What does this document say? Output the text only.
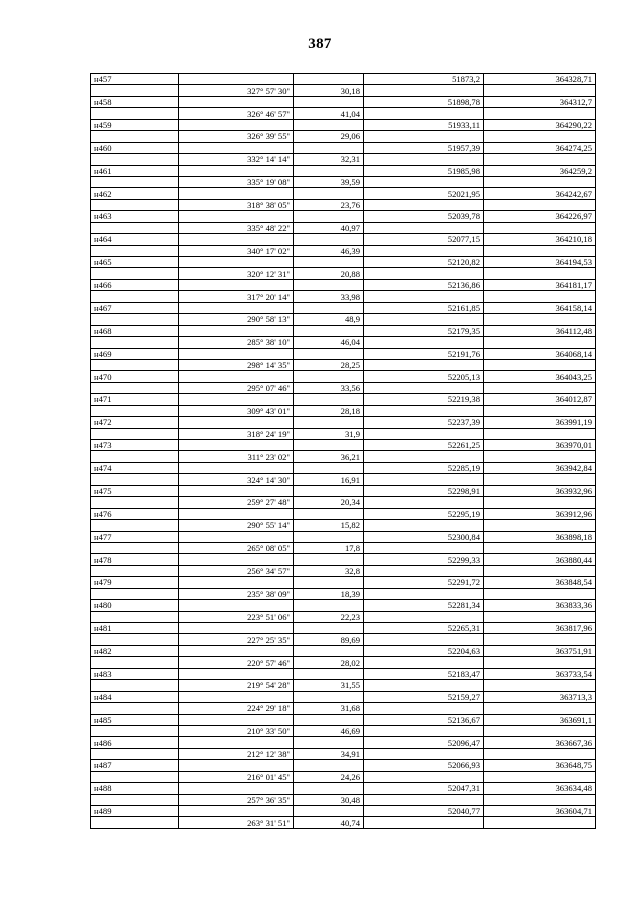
387
н457			51873,2	364328,71
	327° 57' 30"	30,18		
н458			51898,78	364312,7
	326° 46' 57"	41,04		
н459			51933,11	364290,22
	326° 39' 55"	29,06		
н460			51957,39	364274,25
	332° 14' 14"	32,31		
н461			51985,98	364259,2
	335° 19' 08"	39,59		
н462			52021,95	364242,67
	318° 38' 05"	23,76		
н463			52039,78	364226,97
	335° 48' 22"	40,97		
н464			52077,15	364210,18
	340° 17' 02"	46,39		
н465			52120,82	364194,53
	320° 12' 31"	20,88		
н466			52136,86	364181,17
	317° 20' 14"	33,98		
н467			52161,85	364158,14
	290° 58' 13"	48,9		
н468			52179,35	364112,48
	285° 38' 10"	46,04		
н469			52191,76	364068,14
	298° 14' 35"	28,25		
н470			52205,13	364043,25
	295° 07' 46"	33,56		
н471			52219,38	364012,87
	309° 43' 01"	28,18		
н472			52237,39	363991,19
	318° 24' 19"	31,9		
н473			52261,25	363970,01
	311° 23' 02"	36,21		
н474			52285,19	363942,84
	324° 14' 30"	16,91		
н475			52298,91	363932,96
	259° 27' 48"	20,34		
н476			52295,19	363912,96
	290° 55' 14"	15,82		
н477			52300,84	363898,18
	265° 08' 05"	17,8		
н478			52299,33	363880,44
	256° 34' 57"	32,8		
н479			52291,72	363848,54
	235° 38' 09"	18,39		
н480			52281,34	363833,36
	223° 51' 06"	22,23		
н481			52265,31	363817,96
	227° 25' 35"	89,69		
н482			52204,63	363751,91
	220° 57' 46"	28,02		
н483			52183,47	363733,54
	219° 54' 28"	31,55		
н484			52159,27	363713,3
	224° 29' 18"	31,68		
н485			52136,67	363691,1
	210° 33' 50"	46,69		
н486			52096,47	363667,36
	212° 12' 38"	34,91		
н487			52066,93	363648,75
	216° 01' 45"	24,26		
н488			52047,31	363634,48
	257° 36' 35"	30,48		
н489			52040,77	363604,71
	263° 31' 51"	40,74		
